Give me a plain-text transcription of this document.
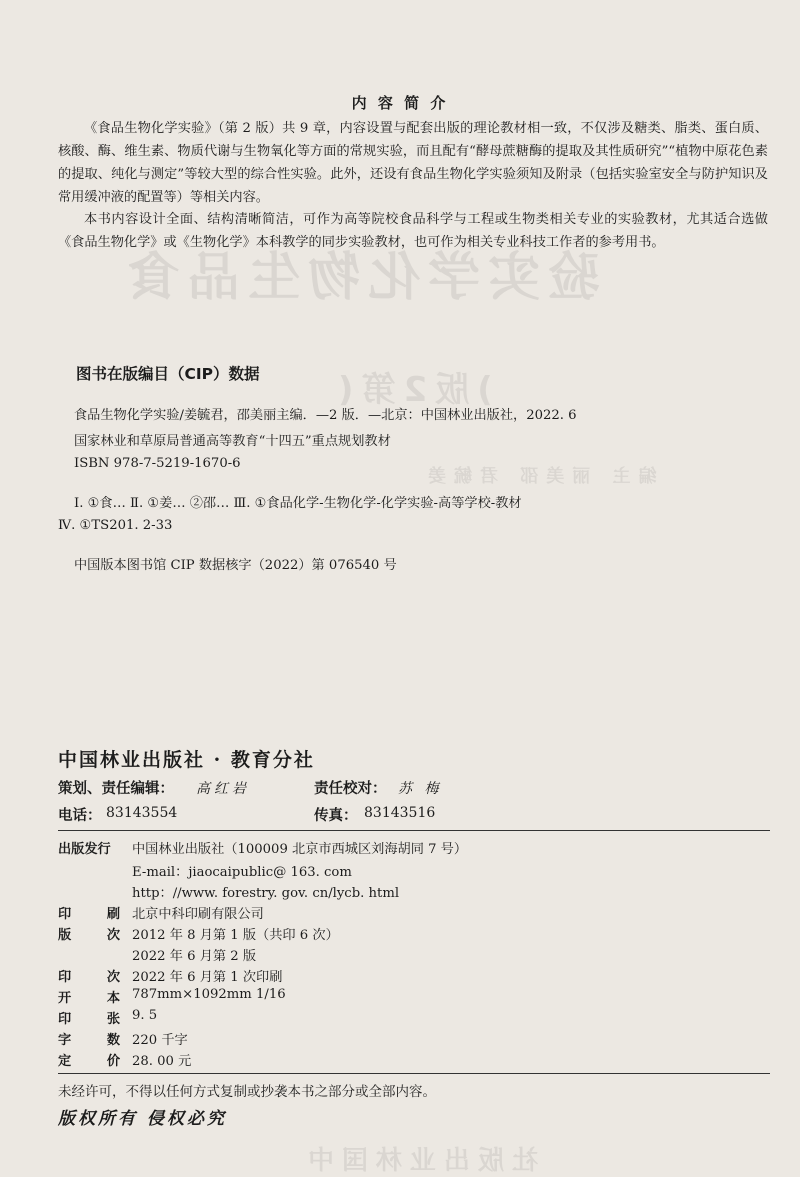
验实学化物生品食
)版2第(
编主 丽美邵 君毓姜
社版出业林国中
内 容 简 介
《食品生物化学实验》（第 2 版）共 9 章，内容设置与配套出版的理论教材相一致，不仅涉及糖类、脂类、蛋白质、核酸、酶、维生素、物质代谢与生物氧化等方面的常规实验，而且配有“酵母蔗糖酶的提取及其性质研究”“植物中原花色素的提取、纯化与测定”等较大型的综合性实验。此外，还设有食品生物化学实验须知及附录（包括实验室安全与防护知识及常用缓冲液的配置等）等相关内容。
本书内容设计全面、结构清晰简洁，可作为高等院校食品科学与工程或生物类相关专业的实验教材，尤其适合选做《食品生物化学》或《生物化学》本科教学的同步实验教材，也可作为相关专业科技工作者的参考用书。
图书在版编目（CIP）数据
食品生物化学实验/姜毓君，邵美丽主编．—2 版．—北京：中国林业出版社，2022. 6
国家林业和草原局普通高等教育“十四五”重点规划教材
ISBN 978-7-5219-1670-6
Ⅰ. ①食… Ⅱ. ①姜… ②邵… Ⅲ. ①食品化学-生物化学-化学实验-高等学校-教材
Ⅳ. ①TS201. 2-33
中国版本图书馆 CIP 数据核字（2022）第 076540 号
中国林业出版社 · 教育分社
策划、责任编辑： 高红岩	责任校对： 苏 梅
电话： 83143554	传真： 83143516
出版发行	中国林业出版社（100009 北京市西城区刘海胡同 7 号）
E-mail：jiaocaipublic@ 163. com
http：//www. forestry. gov. cn/lycb. html
印	刷 北京中科印刷有限公司
版	次 2012 年 8 月第 1 版（共印 6 次）
2022 年 6 月第 2 版
印	次 2022 年 6 月第 1 次印刷
开	本 787mm×1092mm 1/16
印	张 9. 5
字	数 220 千字
定	价 28. 00 元
未经许可，不得以任何方式复制或抄袭本书之部分或全部内容。
版权所有 侵权必究
